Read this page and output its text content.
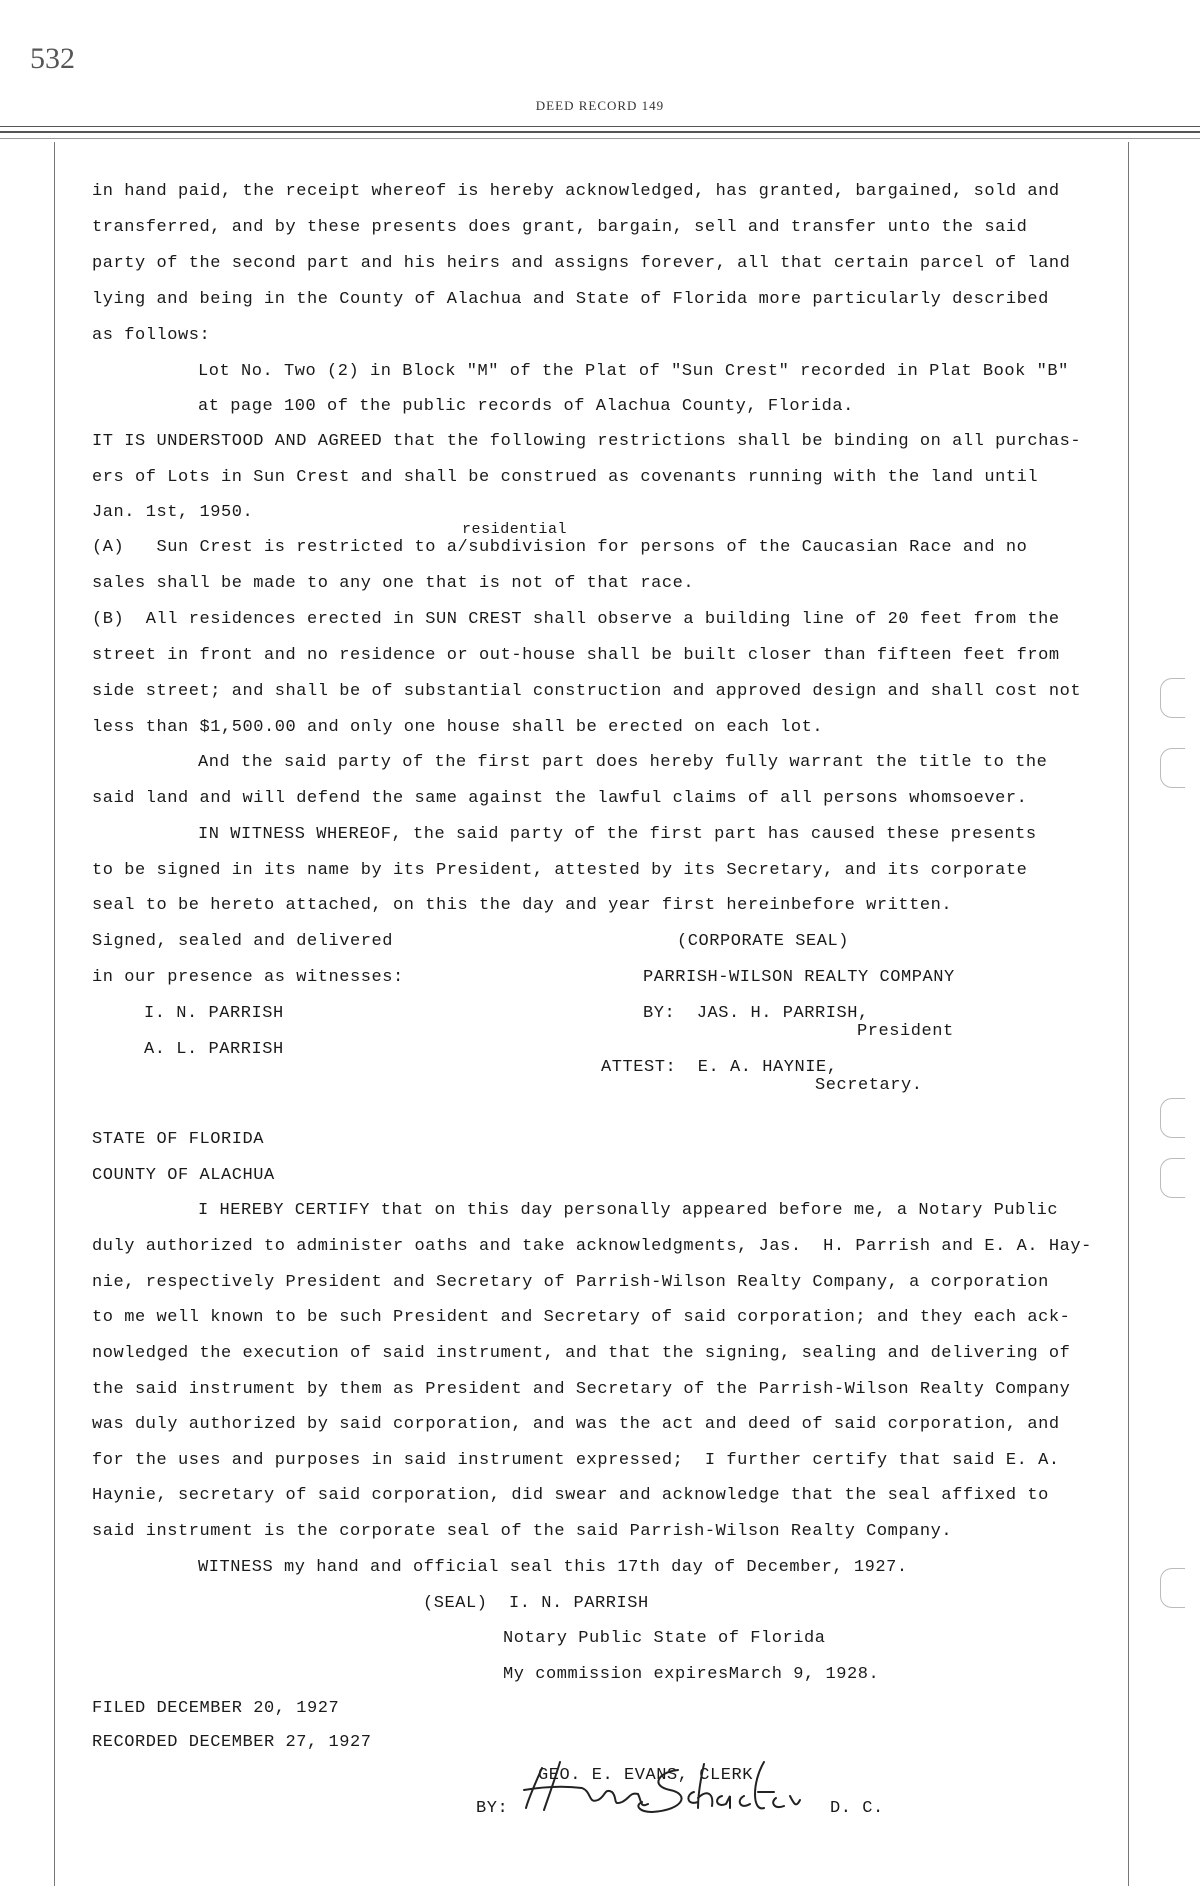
532
DEED RECORD 149
in hand paid, the receipt whereof is hereby acknowledged, has granted, bargained, sold and
transferred, and by these presents does grant, bargain, sell and transfer unto the said
party of the second part and his heirs and assigns forever, all that certain parcel of land
lying and being in the County of Alachua and State of Florida more particularly described
as follows:
Lot No. Two (2) in Block "M" of the Plat of "Sun Crest" recorded in Plat Book "B"
at page 100 of the public records of Alachua County, Florida.
IT IS UNDERSTOOD AND AGREED that the following restrictions shall be binding on all purchas-
ers of Lots in Sun Crest and shall be construed as covenants running with the land until
Jan. 1st, 1950.
residential
(A)   Sun Crest is restricted to a/subdivision for persons of the Caucasian Race and no
sales shall be made to any one that is not of that race.
(B)  All residences erected in SUN CREST shall observe a building line of 20 feet from the
street in front and no residence or out-house shall be built closer than fifteen feet from
side street; and shall be of substantial construction and approved design and shall cost not
less than $1,500.00 and only one house shall be erected on each lot.
And the said party of the first part does hereby fully warrant the title to the
said land and will defend the same against the lawful claims of all persons whomsoever.
IN WITNESS WHEREOF, the said party of the first part has caused these presents
to be signed in its name by its President, attested by its Secretary, and its corporate
seal to be hereto attached, on this the day and year first hereinbefore written.
Signed, sealed and delivered
in our presence as witnesses:
I. N. PARRISH
A. L. PARRISH
(CORPORATE SEAL)
PARRISH-WILSON REALTY COMPANY
BY:  JAS. H. PARRISH,
President
ATTEST:  E. A. HAYNIE,
Secretary.
STATE OF FLORIDA
COUNTY OF ALACHUA
I HEREBY CERTIFY that on this day personally appeared before me, a Notary Public
duly authorized to administer oaths and take acknowledgments, Jas.  H. Parrish and E. A. Hay-
nie, respectively President and Secretary of Parrish-Wilson Realty Company, a corporation
to me well known to be such President and Secretary of said corporation; and they each ack-
nowledged the execution of said instrument, and that the signing, sealing and delivering of
the said instrument by them as President and Secretary of the Parrish-Wilson Realty Company
was duly authorized by said corporation, and was the act and deed of said corporation, and
for the uses and purposes in said instrument expressed;  I further certify that said E. A.
Haynie, secretary of said corporation, did swear and acknowledge that the seal affixed to
said instrument is the corporate seal of the said Parrish-Wilson Realty Company.
WITNESS my hand and official seal this 17th day of December, 1927.
(SEAL)  I. N. PARRISH
Notary Public State of Florida
My commission expiresMarch 9, 1928.
FILED DECEMBER 20, 1927
RECORDED DECEMBER 27, 1927
GEO. E. EVANS, CLERK
BY:	D. C.
